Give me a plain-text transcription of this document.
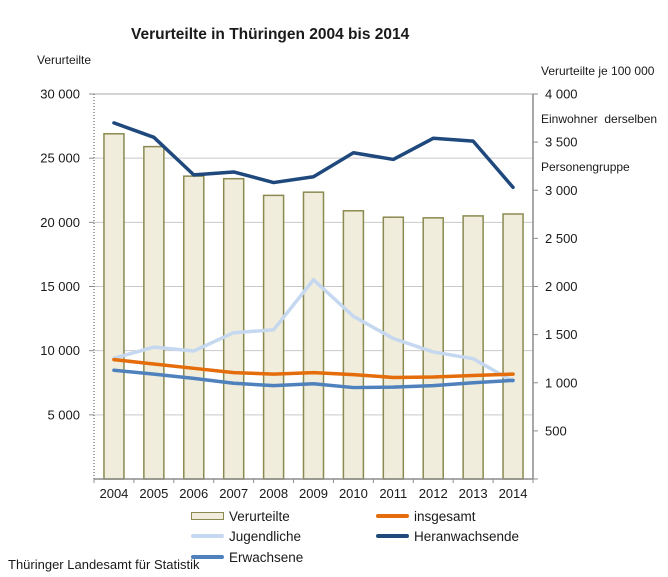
Verurteilte in Thüringen 2004 bis 2014
Verurteilte

Verurteilte je 100 000

Einwohner  derselben

Personengruppe

30 000
25 000
20 000
15 000
10 000
5 000
4 000
3 500
3 000
2 500
2 000
1 500
1 000
500
2004 2005 2006 2007 2008 2009 2010 2011 2012 2013 2014
Verurteilte	insgesamt
Jugendliche	Heranwachsende
Erwachsene
Thüringer Landesamt für Statistik
